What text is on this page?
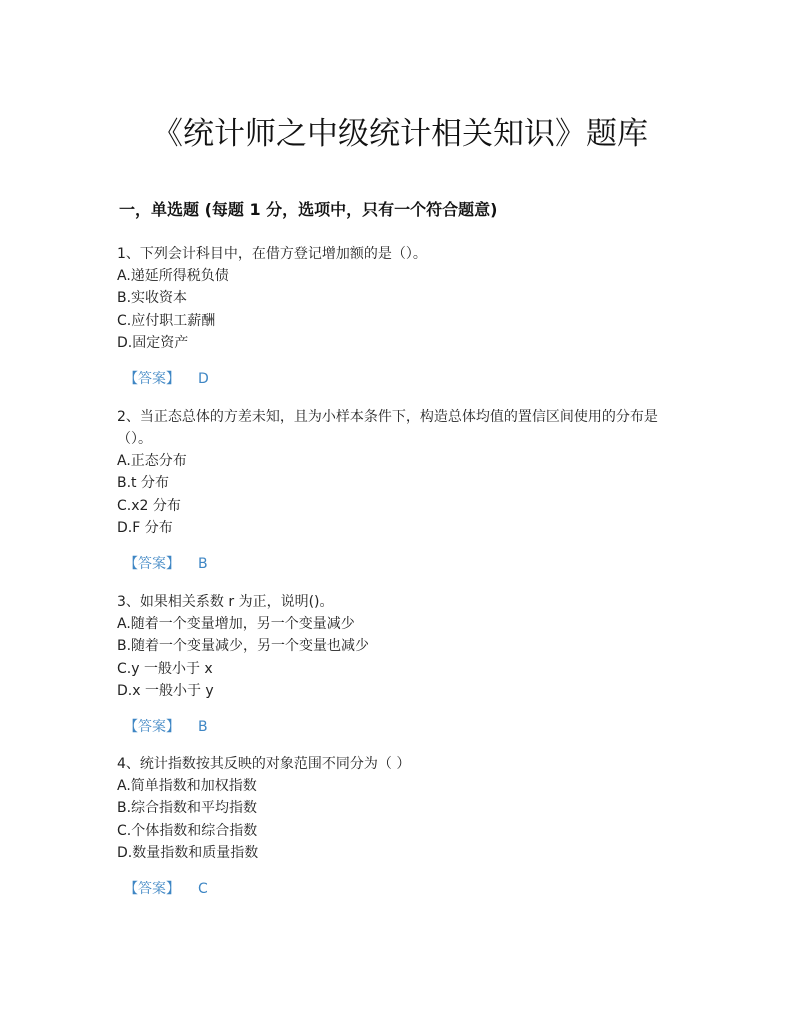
《统计师之中级统计相关知识》题库
一，单选题 (每题 1 分，选项中，只有一个符合题意)
1、下列会计科目中，在借方登记增加额的是（）。
A.递延所得税负债
B.实收资本
C.应付职工薪酬
D.固定资产
【答案】 D
2、当正态总体的方差未知，且为小样本条件下，构造总体均值的置信区间使用的分布是（）。
A.正态分布
B.t 分布
C.x2 分布
D.F 分布
【答案】 B
3、如果相关系数 r 为正，说明()。
A.随着一个变量增加，另一个变量减少
B.随着一个变量减少，另一个变量也减少
C.y 一般小于 x
D.x 一般小于 y
【答案】 B
4、统计指数按其反映的对象范围不同分为（ ）
A.简单指数和加权指数
B.综合指数和平均指数
C.个体指数和综合指数
D.数量指数和质量指数
【答案】 C
